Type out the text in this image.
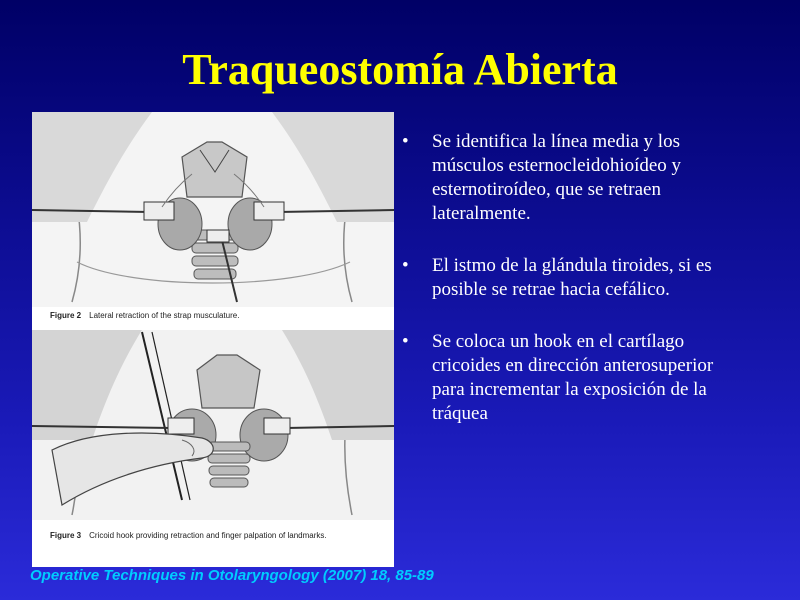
Traqueostomía Abierta
Figure 2 Lateral retraction of the strap musculature.
Figure 3 Cricoid hook providing retraction and finger palpation of landmarks.
• Se identifica la línea media y los músculos esternocleidohioídeo y esternotiroídeo, que se retraen lateralmente.
• El istmo de la glándula tiroides, si es posible se retrae hacia cefálico.
• Se coloca un hook en el cartílago cricoides en dirección anterosuperior para incrementar la exposición de la tráquea

Operative Techniques in Otolaryngology (2007) 18, 85-89
